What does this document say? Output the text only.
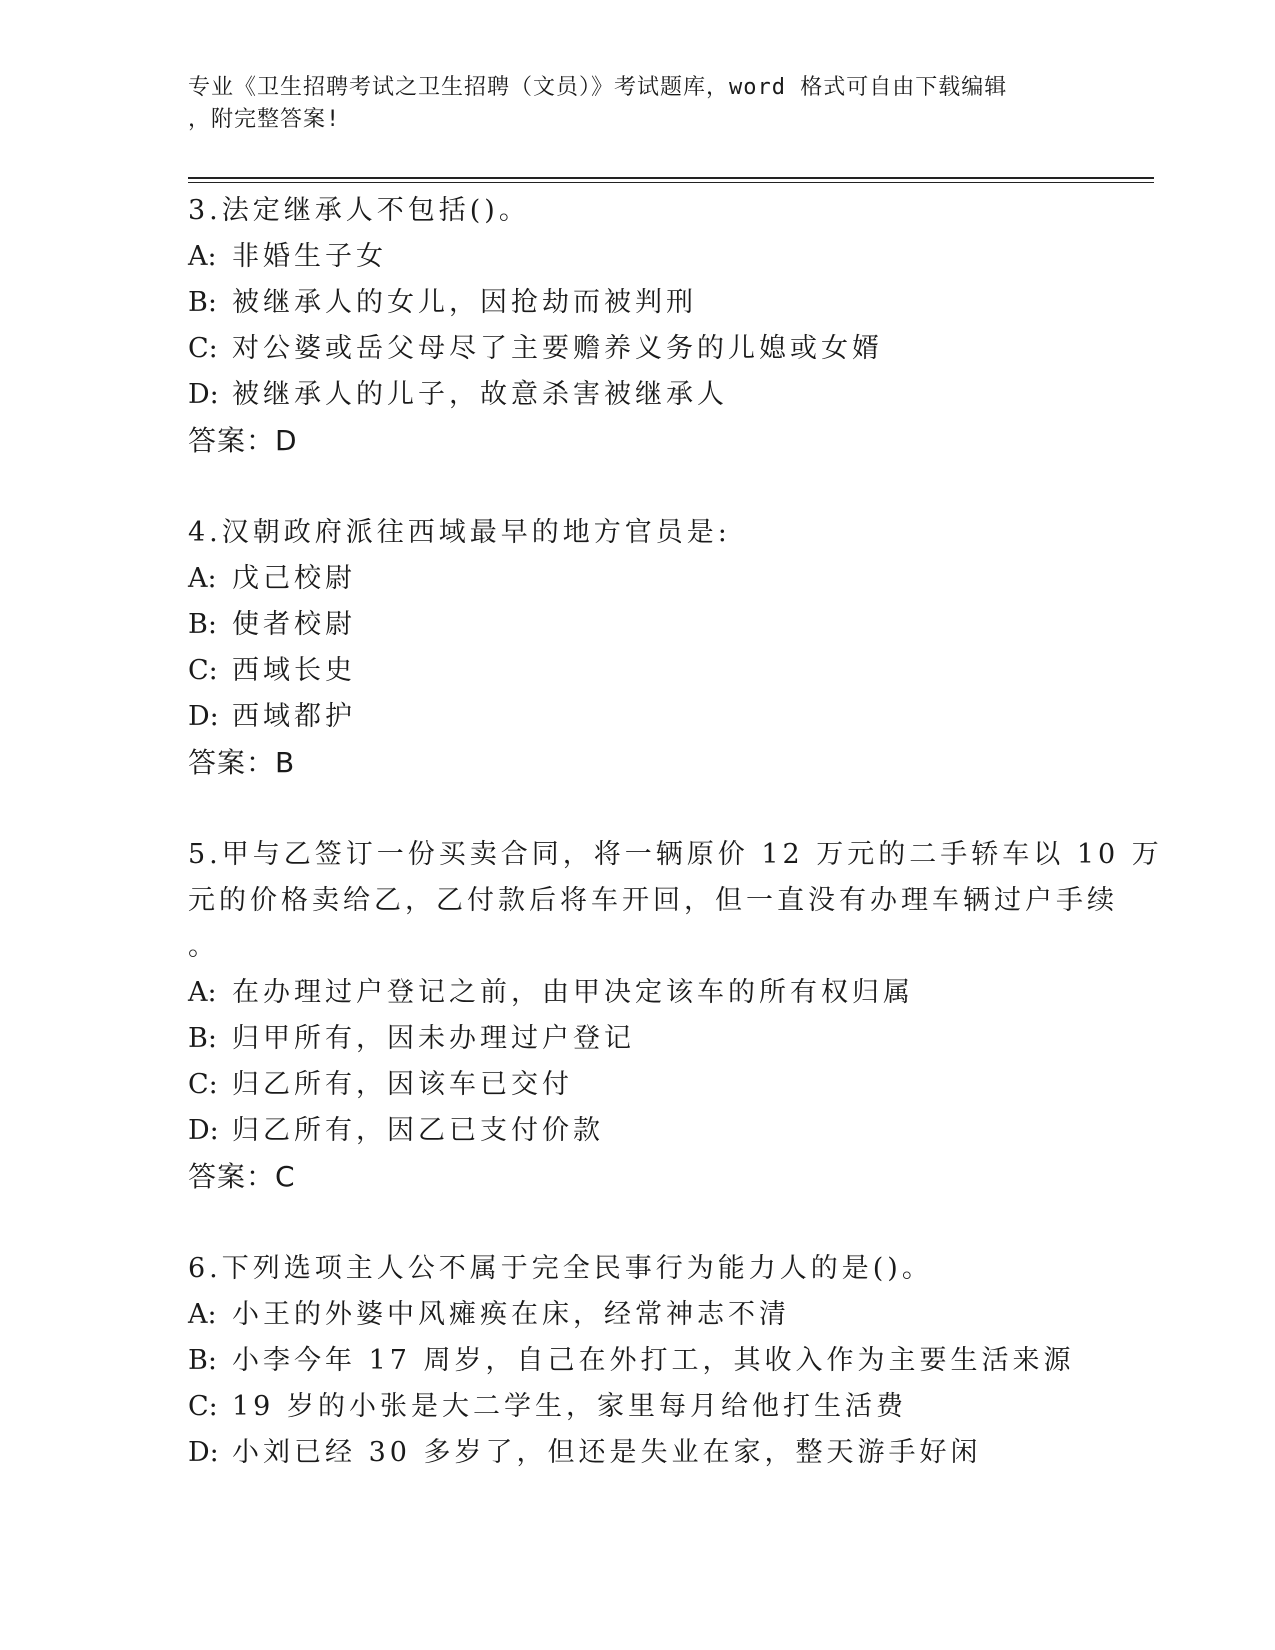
专业《卫生招聘考试之卫生招聘（文员）》考试题库，word 格式可自由下载编辑
，附完整答案!
3.法定继承人不包括()。
A: 非婚生子女
B: 被继承人的女儿，因抢劫而被判刑
C: 对公婆或岳父母尽了主要赡养义务的儿媳或女婿
D: 被继承人的儿子，故意杀害被继承人
答案：D
4.汉朝政府派往西域最早的地方官员是:
A: 戊己校尉
B: 使者校尉
C: 西域长史
D: 西域都护
答案：B
5.甲与乙签订一份买卖合同，将一辆原价 12 万元的二手轿车以 10 万
元的价格卖给乙，乙付款后将车开回，但一直没有办理车辆过户手续
。
A: 在办理过户登记之前，由甲决定该车的所有权归属
B: 归甲所有，因未办理过户登记
C: 归乙所有，因该车已交付
D: 归乙所有，因乙已支付价款
答案：C
6.下列选项主人公不属于完全民事行为能力人的是()。
A: 小王的外婆中风瘫痪在床，经常神志不清
B: 小李今年 17 周岁，自己在外打工，其收入作为主要生活来源
C: 19 岁的小张是大二学生，家里每月给他打生活费
D: 小刘已经 30 多岁了，但还是失业在家，整天游手好闲
